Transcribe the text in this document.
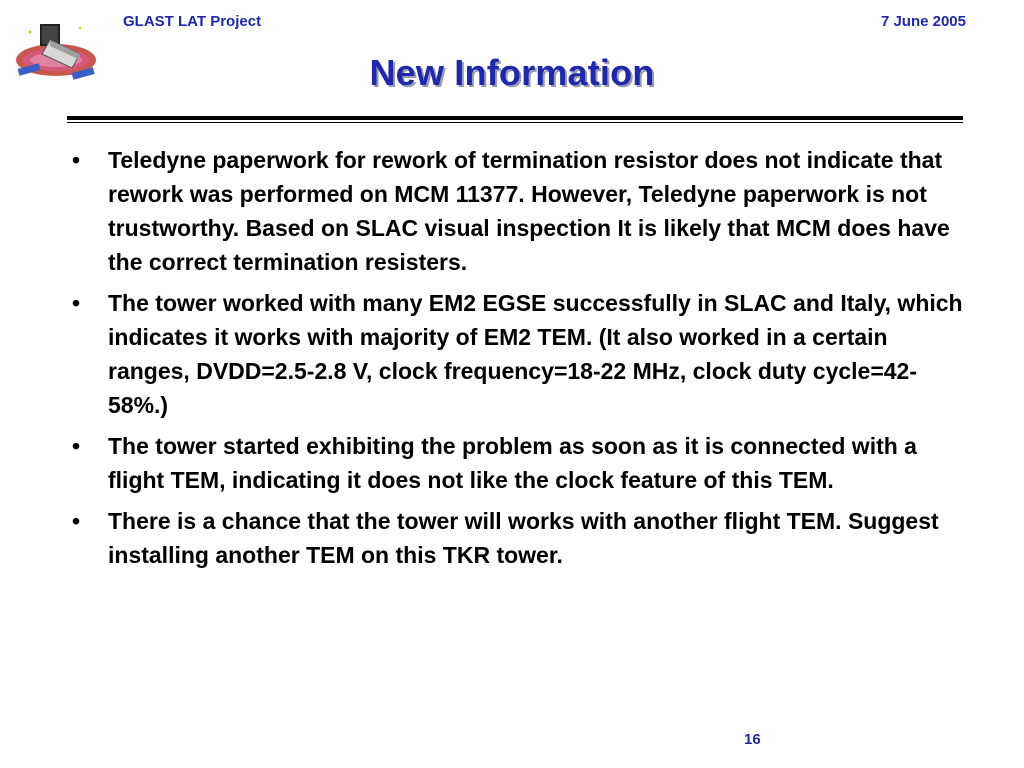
GLAST LAT Project	7 June 2005
New Information
•	Teledyne paperwork for rework of termination resistor does not indicate that rework was performed on MCM 11377. However, Teledyne paperwork is not trustworthy. Based on SLAC visual inspection It is likely that MCM does have the correct termination resisters.
•	The tower worked with many EM2 EGSE successfully in SLAC and Italy, which indicates it works with majority of EM2 TEM. (It also worked in a certain ranges, DVDD=2.5-2.8 V, clock frequency=18-22 MHz, clock duty cycle=42-58%.)
•	The tower started exhibiting the problem as soon as it is connected with a flight TEM, indicating it does not like the clock feature of this TEM.
•	There is a chance that the tower will works with another flight TEM. Suggest installing another TEM on this TKR tower.
16
